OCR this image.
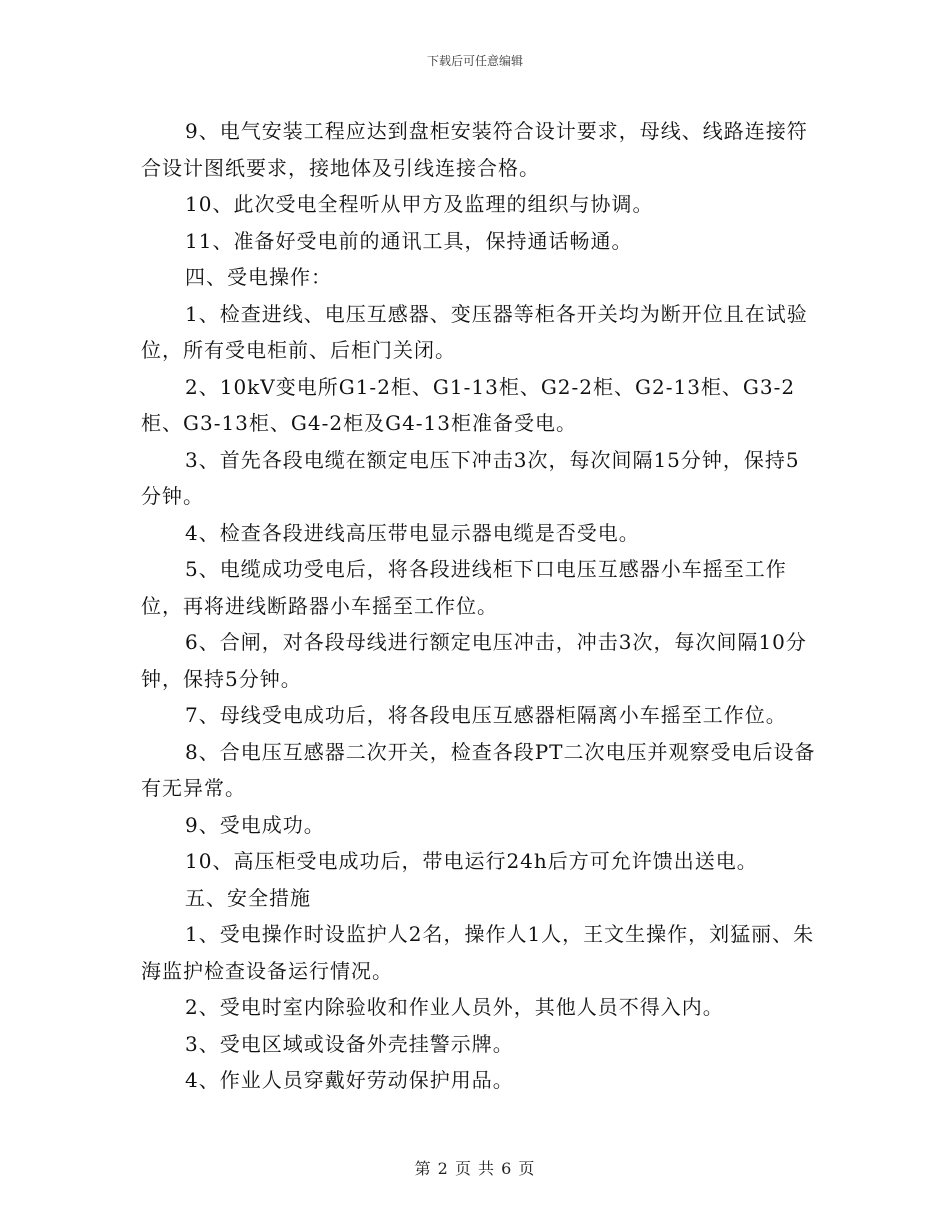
下载后可任意编辑

9、电气安装工程应达到盘柜安装符合设计要求，母线、线路连接符合设计图纸要求，接地体及引线连接合格。

10、此次受电全程听从甲方及监理的组织与协调。

11、准备好受电前的通讯工具，保持通话畅通。

四、受电操作：

1、检查进线、电压互感器、变压器等柜各开关均为断开位且在试验位，所有受电柜前、后柜门关闭。

2、10kV变电所G1-2柜、G1-13柜、G2-2柜、G2-13柜、G3-2柜、G3-13柜、G4-2柜及G4-13柜准备受电。

3、首先各段电缆在额定电压下冲击3次，每次间隔15分钟，保持5分钟。

4、检查各段进线高压带电显示器电缆是否受电。

5、电缆成功受电后，将各段进线柜下口电压互感器小车摇至工作位，再将进线断路器小车摇至工作位。

6、合闸，对各段母线进行额定电压冲击，冲击3次，每次间隔10分钟，保持5分钟。

7、母线受电成功后，将各段电压互感器柜隔离小车摇至工作位。

8、合电压互感器二次开关，检查各段PT二次电压并观察受电后设备有无异常。

9、受电成功。

10、高压柜受电成功后，带电运行24h后方可允许馈出送电。

五、安全措施

1、受电操作时设监护人2名，操作人1人，王文生操作，刘猛丽、朱海监护检查设备运行情况。

2、受电时室内除验收和作业人员外，其他人员不得入内。

3、受电区域或设备外壳挂警示牌。

4、作业人员穿戴好劳动保护用品。

第 2 页 共 6 页
